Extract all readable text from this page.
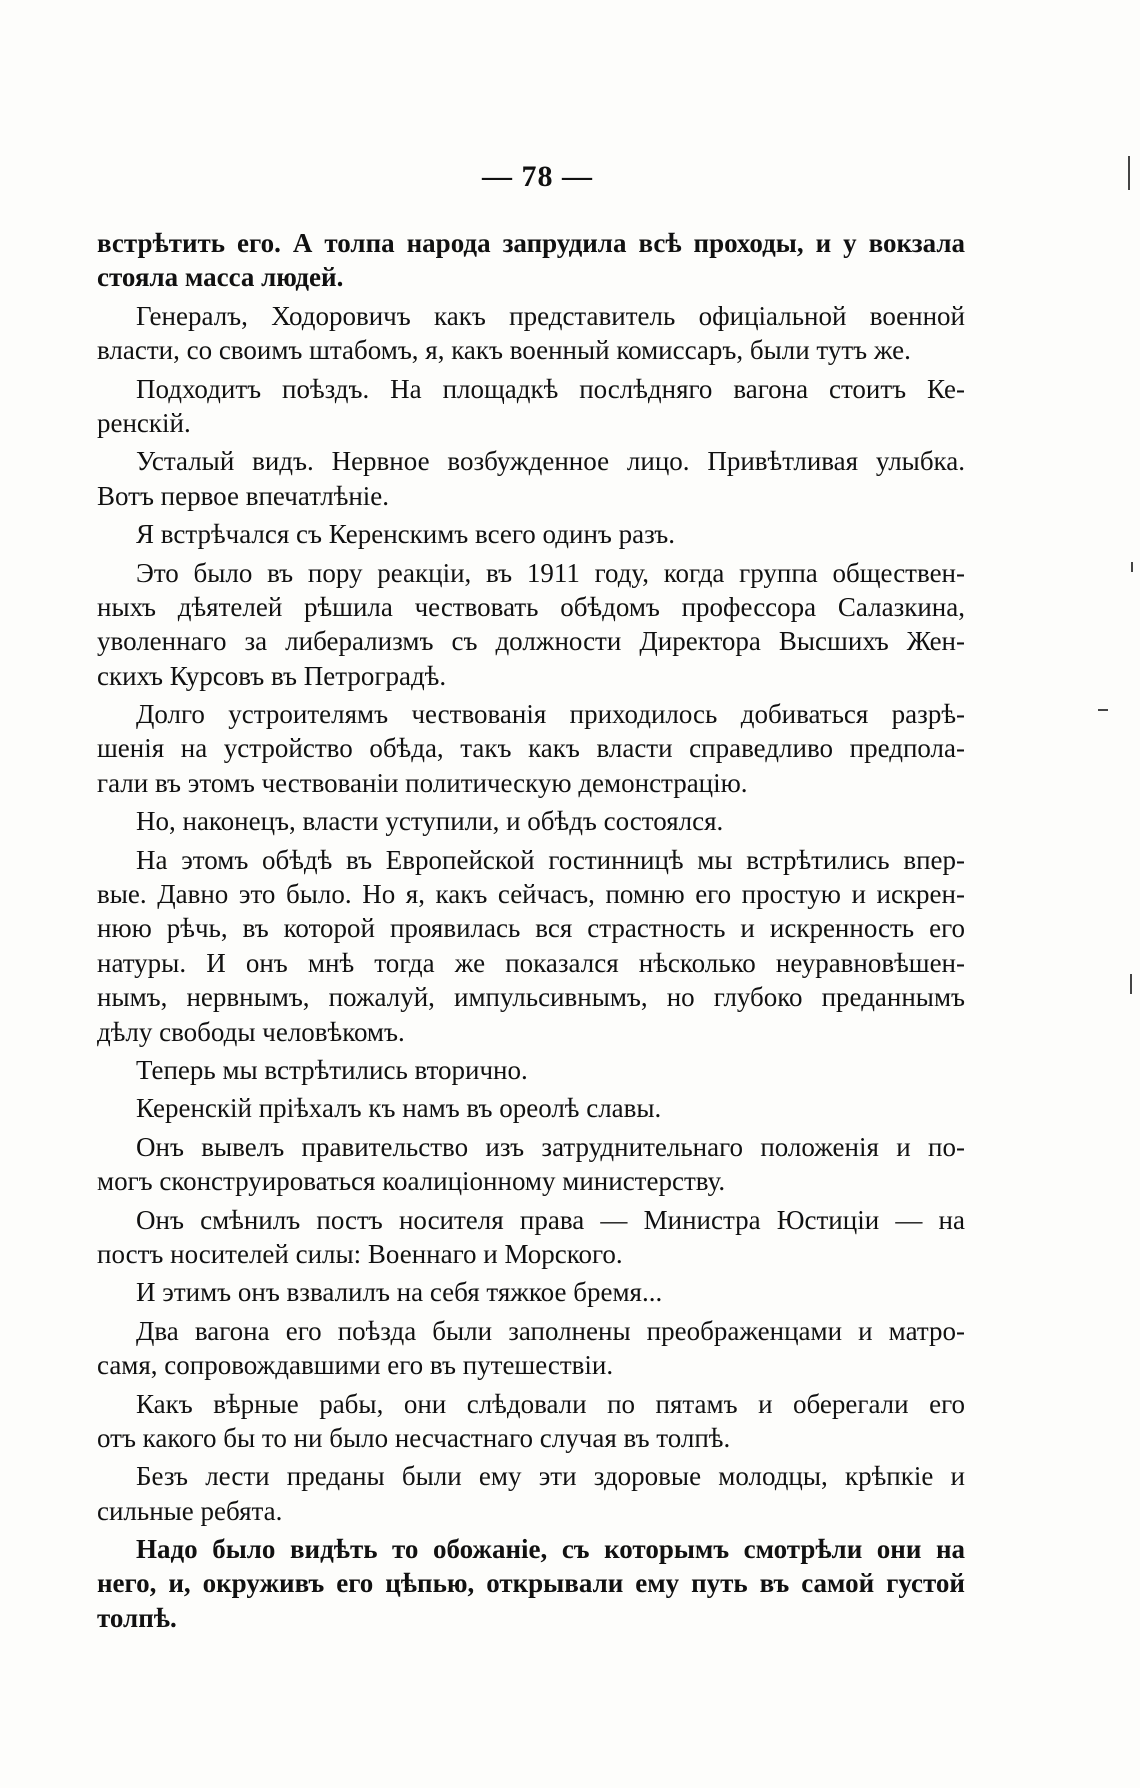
— 78 —
встрѣтить его. А толпа народа запрудила всѣ проходы, и у вокзала
стояла масса людей.
Генералъ, Ходоровичъ какъ представитель офиціальной военной
власти, со своимъ штабомъ, я, какъ военный комиссаръ, были тутъ же.
Подходитъ поѣздъ. На площадкѣ послѣдняго вагона стоитъ Ке-
ренскій.
Усталый видъ. Нервное возбужденное лицо. Привѣтливая улыбка.
Вотъ первое впечатлѣніе.
Я встрѣчался съ Керенскимъ всего одинъ разъ.
Это было въ пору реакціи, въ 1911 году, когда группа обществен-
ныхъ дѣятелей рѣшила чествовать обѣдомъ профессора Салазкина,
уволеннаго за либерализмъ съ должности Директора Высшихъ Жен-
скихъ Курсовъ въ Петроградѣ.
Долго устроителямъ чествованія приходилось добиваться разрѣ-
шенія на устройство обѣда, такъ какъ власти справедливо предпола-
гали въ этомъ чествованіи политическую демонстрацію.
Но, наконецъ, власти уступили, и обѣдъ состоялся.
На этомъ обѣдѣ въ Европейской гостинницѣ мы встрѣтились впер-
вые. Давно это было. Но я, какъ сейчасъ, помню его простую и искрен-
нюю рѣчь, въ которой проявилась вся страстность и искренность его
натуры. И онъ мнѣ тогда же показался нѣсколько неуравновѣшен-
нымъ, нервнымъ, пожалуй, импульсивнымъ, но глубоко преданнымъ
дѣлу свободы человѣкомъ.
Теперь мы встрѣтились вторично.
Керенскій пріѣхалъ къ намъ въ ореолѣ славы.
Онъ вывелъ правительство изъ затруднительнаго положенія и по-
могъ сконструироваться коалиціонному министерству.
Онъ смѣнилъ постъ носителя права — Министра Юстиціи — на
постъ носителей силы: Военнаго и Морского.
И этимъ онъ взвалилъ на себя тяжкое бремя...
Два вагона его поѣзда были заполнены преображенцами и матро-
самя, сопровождавшими его въ путешествіи.
Какъ вѣрные рабы, они слѣдовали по пятамъ и оберегали его
отъ какого бы то ни было несчастнаго случая въ толпѣ.
Безъ лести преданы были ему эти здоровые молодцы, крѣпкіе и
сильные ребята.
Надо было видѣть то обожаніе, съ которымъ смотрѣли они на
него, и, окруживъ его цѣпью, открывали ему путь въ самой густой
толпѣ.
